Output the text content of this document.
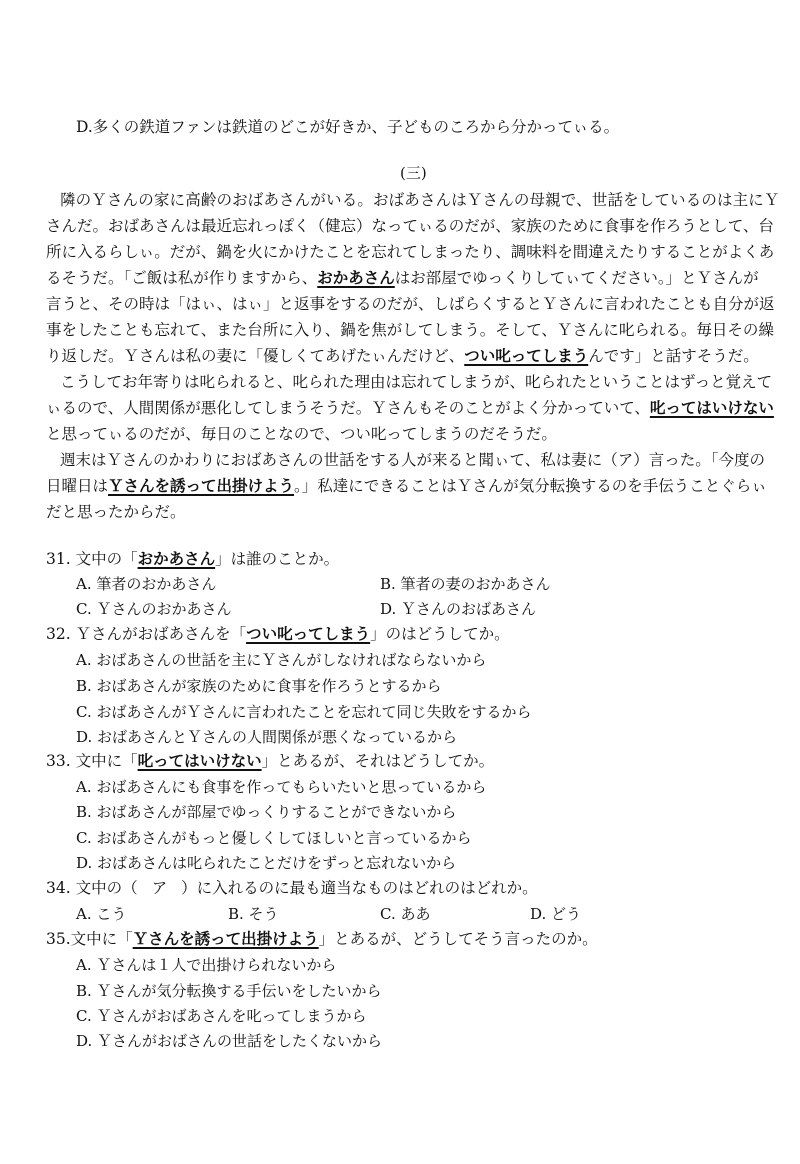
D.多くの鉄道ファンは鉄道のどこが好きか、子どものころから分かってぃる。
(三)
隣のＹさんの家に高齢のおばあさんがいる。おばあさんはＹさんの母親で、世話をしているのは主にＹ
さんだ。おばあさんは最近忘れっぽく（健忘）なってぃるのだが、家族のために食事を作ろうとして、台
所に入るらしぃ。だが、鍋を火にかけたことを忘れてしまったり、調味料を間違えたりすることがよくあ
るそうだ。「ご飯は私が作りますから、おかあさんはお部屋でゆっくりしてぃてください。」とＹさんが
言うと、その時は「はぃ、はぃ」と返事をするのだが、しばらくするとＹさんに言われたことも自分が返
事をしたことも忘れて、また台所に入り、鍋を焦がしてしまう。そして、Ｙさんに叱られる。毎日その繰
り返しだ。Ｙさんは私の妻に「優しくてあげたぃんだけど、つい叱ってしまうんです」と話すそうだ。
こうしてお年寄りは叱られると、叱られた理由は忘れてしまうが、叱られたということはずっと覚えて
ぃるので、人間関係が悪化してしまうそうだ。Ｙさんもそのことがよく分かっていて、叱ってはいけない
と思ってぃるのだが、毎日のことなので、つい叱ってしまうのだそうだ。
週末はＹさんのかわりにおばあさんの世話をする人が来ると聞ぃて、私は妻に（ア）言った。「今度の
日曜日はＹさんを誘って出掛けよう。」私達にできることはＹさんが気分転換するのを手伝うことぐらぃ
だと思ったからだ。
31. 文中の「おかあさん」は誰のことか。
A. 筆者のおかあさん	B. 筆者の妻のおかあさん
C. Ｙさんのおかあさん	D. Ｙさんのおばあさん
32. Ｙさんがおばあさんを「つい叱ってしまう」のはどうしてか。
A. おばあさんの世話を主にＹさんがしなければならないから
B. おばあさんが家族のために食事を作ろうとするから
C. おばあさんがＹさんに言われたことを忘れて同じ失敗をするから
D. おばあさんとＹさんの人間関係が悪くなっているから
33. 文中に「叱ってはいけない」とあるが、それはどうしてか。
A. おばあさんにも食事を作ってもらいたいと思っているから
B. おばあさんが部屋でゆっくりすることができないから
C. おばあさんがもっと優しくしてほしいと言っているから
D. おばあさんは叱られたことだけをずっと忘れないから
34. 文中の（ ア ）に入れるのに最も適当なものはどれのはどれか。
A. こう	B. そう	C. ああ	D. どう
35.文中に「Ｙさんを誘って出掛けよう」とあるが、どうしてそう言ったのか。
A. Ｙさんは１人で出掛けられないから
B. Ｙさんが気分転換する手伝いをしたいから
C. Ｙさんがおばあさんを叱ってしまうから
D. Ｙさんがおばさんの世話をしたくないから
